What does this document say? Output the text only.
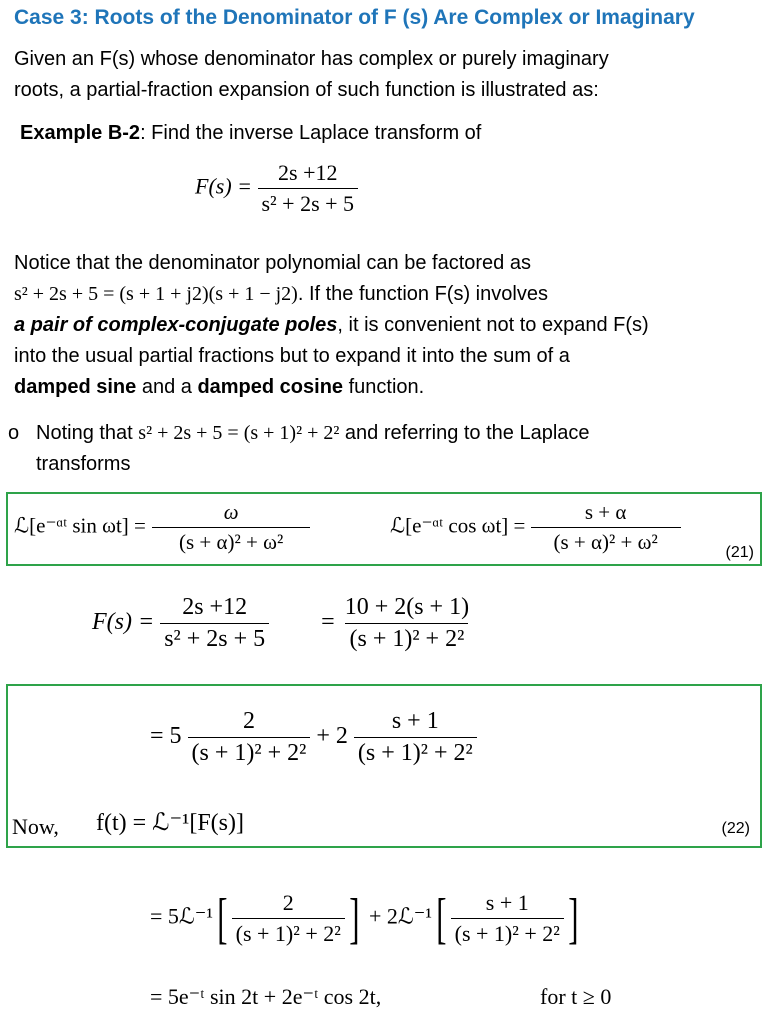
Case 3: Roots of the Denominator of F (s) Are Complex or Imaginary
Given an F(s) whose denominator has complex or purely imaginary
roots, a partial-fraction expansion of such function is illustrated as:
Example B-2: Find the inverse Laplace transform of
$F(s) = \frac{2s +12}{\text{s² + 2s + 5}}$
Notice that the denominator polynomial can be factored as
s² + 2s + 5 = (s + 1 + j2)(s + 1 − j2). If the function F(s) involves
a pair of complex-conjugate poles, it is convenient not to expand F(s)
into the usual partial fractions but to expand it into the sum of a
damped sine and a damped cosine function.
o Noting that s² + 2s + 5 = (s + 1)² + 2² and referring to the Laplace
transforms
ℒ[e⁻ᵅᵗ $\sin \omega t] = \frac{\omega}{\text{(s + α)² + ω²}}$	ℒ[e⁻ᵅᵗ $\cos \omega t] = \frac{s + \alpha}{\text{(s + α)² + ω²}}$	(21)
$F(s) = \frac{2s +12}{\text{s² + 2s + 5}} = \frac{10 + 2(s + 1)}{\text{(s + 1)² + 2²}}$
= $5 \frac{2}{\text{(s + 1)² + 2²}} + 2 \frac{s + 1}{\text{(s + 1)² + 2²}}$
Now, f(t) = ℒ⁻¹[F(s)]	(22)
= 5ℒ⁻¹[ $\frac{2}{\text{(s + 1)² + 2²}}$ ] + 2ℒ⁻¹[ $\frac{s + 1}{\text{(s + 1)² + 2²}}$ ]
= 5e⁻ᵗ sin 2t + 2e⁻ᵗ cos 2t,	for t ≥ 0
